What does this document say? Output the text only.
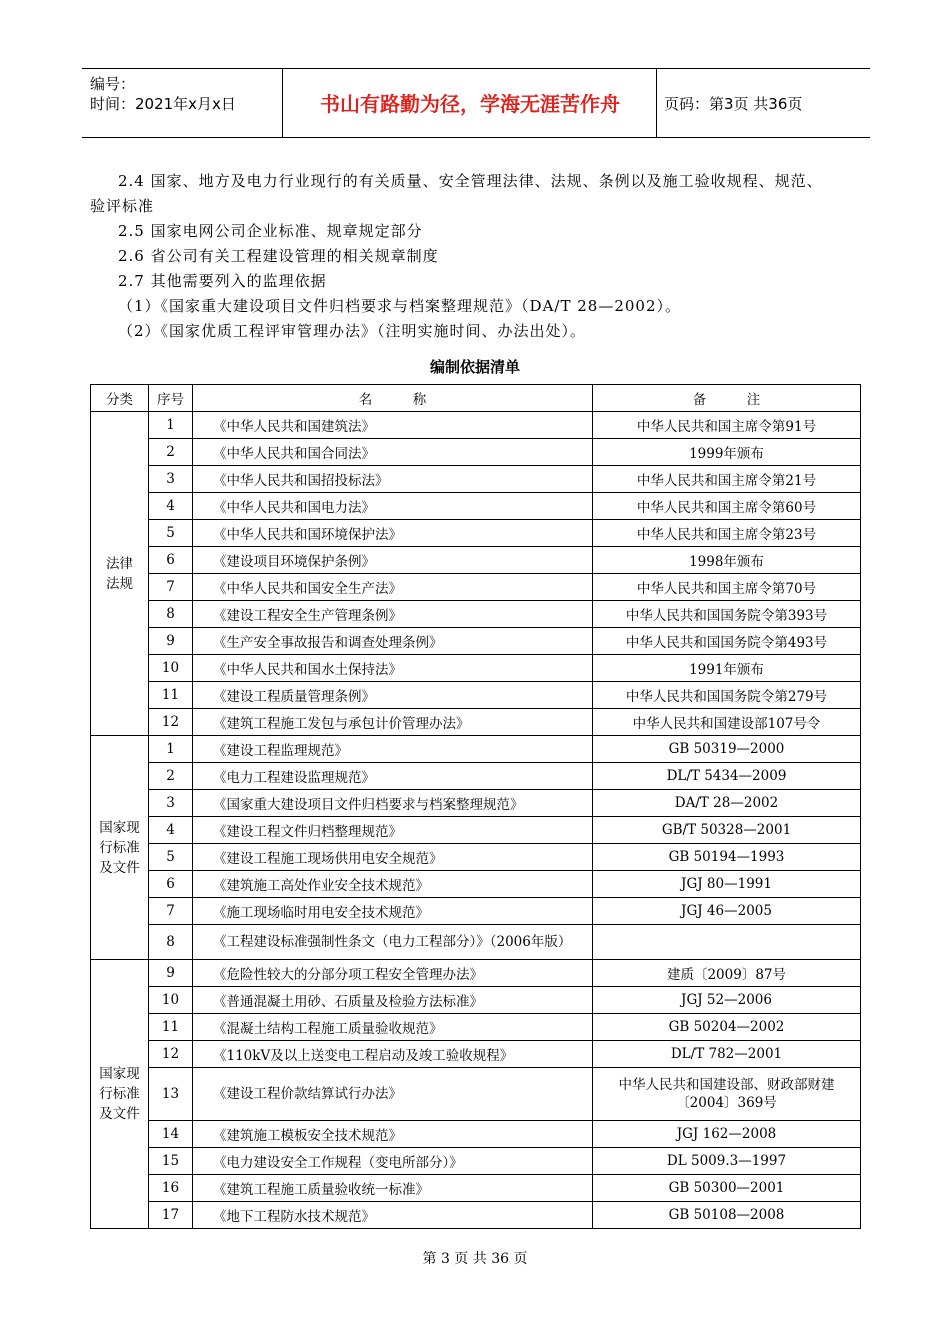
编号：
时间：2021年x月x日	书山有路勤为径，学海无涯苦作舟	页码：第3页 共36页
2.4 国家、地方及电力行业现行的有关质量、安全管理法律、法规、条例以及施工验收规程、规范、
验评标准
2.5 国家电网公司企业标准、规章规定部分
2.6 省公司有关工程建设管理的相关规章制度
2.7 其他需要列入的监理依据
（1）《国家重大建设项目文件归档要求与档案整理规范》（DA/T 28—2002）。
（2）《国家优质工程评审管理办法》（注明实施时间、办法出处）。
编制依据清单
分类	序号	名　　　称	备　　　注
法律法规	1	《中华人民共和国建筑法》	中华人民共和国主席令第91号
	2	《中华人民共和国合同法》	1999年颁布
	3	《中华人民共和国招投标法》	中华人民共和国主席令第21号
	4	《中华人民共和国电力法》	中华人民共和国主席令第60号
	5	《中华人民共和国环境保护法》	中华人民共和国主席令第23号
	6	《建设项目环境保护条例》	1998年颁布
	7	《中华人民共和国安全生产法》	中华人民共和国主席令第70号
	8	《建设工程安全生产管理条例》	中华人民共和国国务院令第393号
	9	《生产安全事故报告和调查处理条例》	中华人民共和国国务院令第493号
	10	《中华人民共和国水土保持法》	1991年颁布
	11	《建设工程质量管理条例》	中华人民共和国国务院令第279号
	12	《建筑工程施工发包与承包计价管理办法》	中华人民共和国建设部107号令
国家现行标准及文件	1	《建设工程监理规范》	GB 50319—2000
	2	《电力工程建设监理规范》	DL/T 5434—2009
	3	《国家重大建设项目文件归档要求与档案整理规范》	DA/T 28—2002
	4	《建设工程文件归档整理规范》	GB/T 50328—2001
	5	《建设工程施工现场供用电安全规范》	GB 50194—1993
	6	《建筑施工高处作业安全技术规范》	JGJ 80—1991
	7	《施工现场临时用电安全技术规范》	JGJ 46—2005
	8	《工程建设标准强制性条文（电力工程部分）》（2006年版）	
国家现行标准及文件	9	《危险性较大的分部分项工程安全管理办法》	建质〔2009〕87号
	10	《普通混凝土用砂、石质量及检验方法标准》	JGJ 52—2006
	11	《混凝土结构工程施工质量验收规范》	GB 50204—2002
	12	《110kV及以上送变电工程启动及竣工验收规程》	DL/T 782—2001
	13	《建设工程价款结算试行办法》	中华人民共和国建设部、财政部财建〔2004〕369号
	14	《建筑施工模板安全技术规范》	JGJ 162—2008
	15	《电力建设安全工作规程（变电所部分）》	DL 5009.3—1997
	16	《建筑工程施工质量验收统一标准》	GB 50300—2001
	17	《地下工程防水技术规范》	GB 50108—2008
第 3 页 共 36 页
